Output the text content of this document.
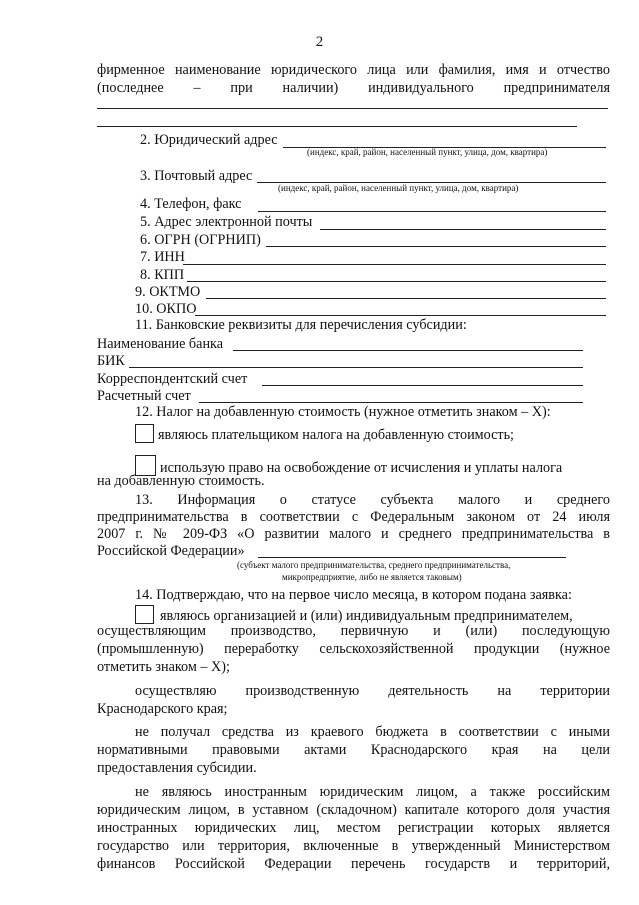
2
фирменное наименование юридического лица или фамилия, имя и отчество
(последнее – при наличии) индивидуального предпринимателя
2. Юридический адрес
(индекс, край, район, населенный пункт, улица, дом, квартира)
3. Почтовый адрес
(индекс, край, район, населенный пункт, улица, дом, квартира)
4. Телефон, факс
5. Адрес электронной почты
6. ОГРН (ОГРНИП)
7. ИНН
8. КПП
9. ОКТМО
10. ОКПО
11. Банковские реквизиты для перечисления субсидии:
Наименование банка
БИК
Корреспондентский счет
Расчетный счет
12. Налог на добавленную стоимость (нужное отметить знаком – Х):
являюсь плательщиком налога на добавленную стоимость;
использую право на освобождение от исчисления и уплаты налога
на добавленную стоимость.
13. Информация о статусе субъекта малого и среднего
предпринимательства в соответствии с Федеральным законом от 24 июля
2007 г. № 209-ФЗ «О развитии малого и среднего предпринимательства в
Российской Федерации»
(субъект малого предпринимательства, среднего предпринимательства,
микропредприятие, либо не является таковым)
14. Подтверждаю, что на первое число месяца, в котором подана заявка:
являюсь организацией и (или) индивидуальным предпринимателем,
осуществляющим производство, первичную и (или) последующую
(промышленную) переработку сельскохозяйственной продукции (нужное
отметить знаком – Х);
осуществляю производственную деятельность на территории
Краснодарского края;
не получал средства из краевого бюджета в соответствии с иными
нормативными правовыми актами Краснодарского края на цели
предоставления субсидии.
не являюсь иностранным юридическим лицом, а также российским
юридическим лицом, в уставном (складочном) капитале которого доля участия
иностранных юридических лиц, местом регистрации которых является
государство или территория, включенные в утвержденный Министерством
финансов Российской Федерации перечень государств и территорий,
